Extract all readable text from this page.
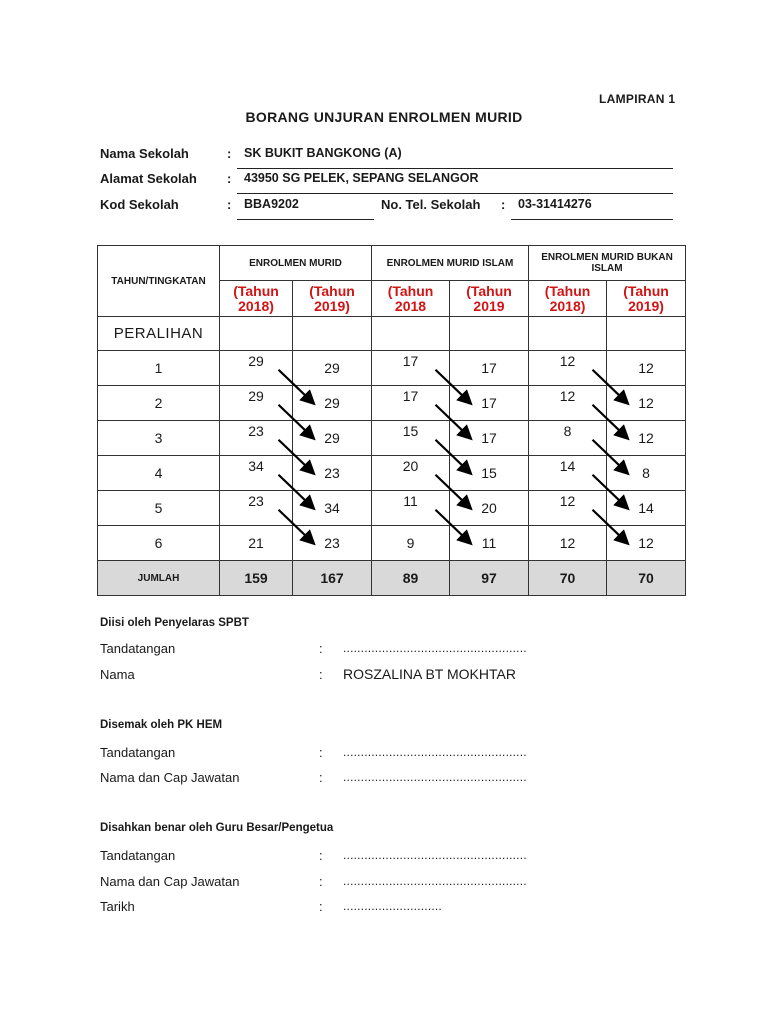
LAMPIRAN 1
BORANG UNJURAN ENROLMEN MURID
Nama Sekolah	: SK BUKIT BANGKONG (A)
Alamat Sekolah : 43950 SG PELEK, SEPANG SELANGOR
Kod Sekolah	: BBA9202	No. Tel. Sekolah : 03-31414276
TAHUN/TINGKATAN	ENROLMEN MURID		ENROLMEN MURID ISLAM		ENROLMEN MURID BUKAN ISLAM	
	(Tahun 2018)	(Tahun 2019)	(Tahun 2018	(Tahun 2019	(Tahun 2018)	(Tahun 2019)
PERALIHAN						
1	29	29	17	17	12	12
2	29	29	17	17	12	12
3	23	29	15	17	8	12
4	34	23	20	15	14	8
5	23	34	11	20	12	14
6	21	23	9	11	12	12
JUMLAH	159	167	89	97	70	70
Diisi oleh Penyelaras SPBT
Tandatangan	: ....................................................
Nama	: ROSZALINA BT MOKHTAR
Disemak oleh PK HEM
Tandatangan	: ....................................................
Nama dan Cap Jawatan	: ....................................................
Disahkan benar oleh Guru Besar/Pengetua
Tandatangan	: ....................................................
Nama dan Cap Jawatan	: ....................................................
Tarikh	: ............................
